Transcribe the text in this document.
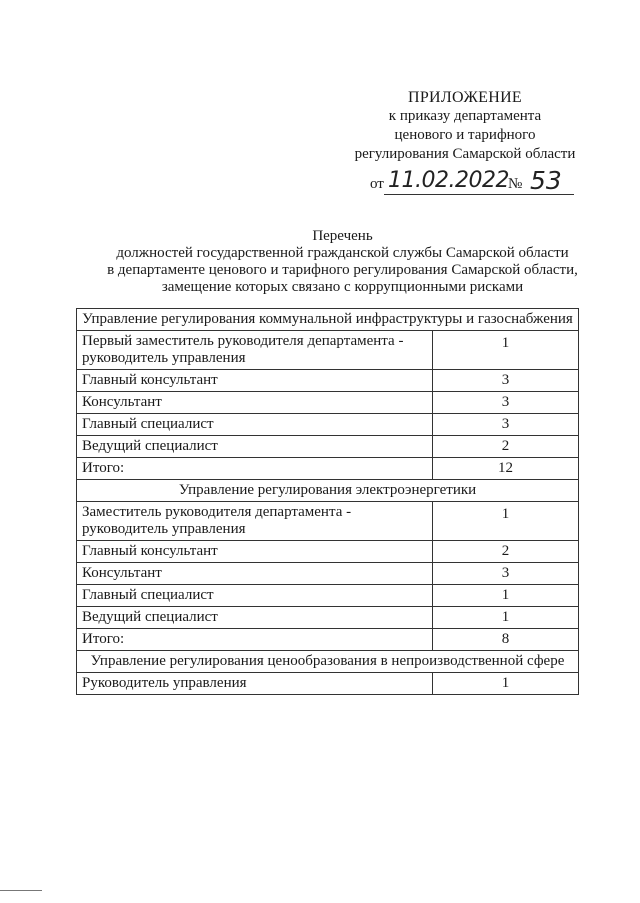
ПРИЛОЖЕНИЕ
к приказу департамента
ценового и тарифного
регулирования Самарской области
от 11.02.2022 № 53
Перечень
должностей государственной гражданской службы Самарской области
в департаменте ценового и тарифного регулирования Самарской области,
замещение которых связано с коррупционными рисками
Управление регулирования коммунальной инфраструктуры и газоснабжения	
Первый заместитель руководителя департамента - руководитель управления	1
Главный консультант	3
Консультант	3
Главный специалист	3
Ведущий специалист	2
Итого:	12
Управление регулирования электроэнергетики	
Заместитель руководителя департамента - руководитель управления	1
Главный консультант	2
Консультант	3
Главный специалист	1
Ведущий специалист	1
Итого:	8
Управление регулирования ценообразования в непроизводственной сфере	
Руководитель управления	1
